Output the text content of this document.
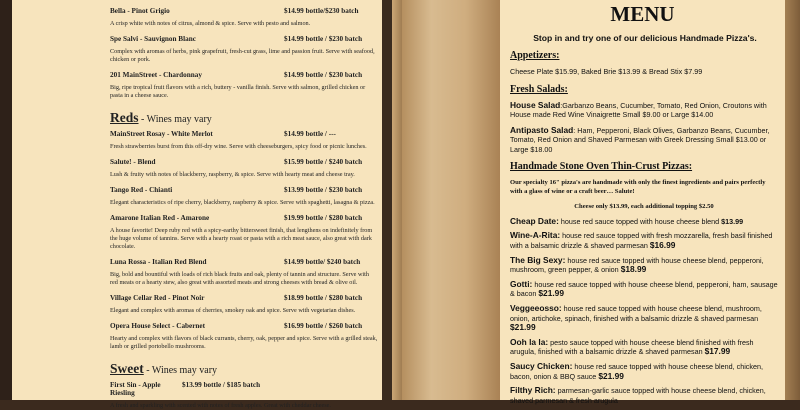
Bella - Pinot Grigio	$14.99 bottle/$230 batch
A crisp white with notes of citrus, almond & spice. Serve with pesto and salmon.
Spe Salvi - Sauvignon Blanc	$14.99 bottle / $230 batch
Complex with aromas of herbs, pink grapefruit, fresh-cut grass, lime and passion fruit. Serve with seafood, chicken or pork.
201 MainStreet - Chardonnay	$14.99 bottle / $230 batch
Big, ripe tropical fruit flavors with a rich, buttery - vanilla finish. Serve with salmon, grilled chicken or pasta in a cheese sauce.
Reds - Wines may vary
MainStreet Rosay - White Merlot	$14.99 bottle / ---
Fresh strawberries burst from this off-dry wine. Serve with cheeseburgers, spicy food or picnic lunches.
Salute! - Blend	$15.99 bottle / $240 batch
Lush & fruity with notes of blackberry, raspberry, & spice. Serve with hearty meat and cheese tray.
Tango Red - Chianti	$13.99 bottle / $230 batch
Elegant characteristics of ripe cherry, blackberry, raspberry & spice. Serve with spaghetti, lasagna & pizza.
Amarone Italian Red - Amarone	$19.99 bottle / $280 batch
A house favorite! Deep ruby red with a spicy-earthy bittersweet finish, that lengthens on indefinitely from the huge volume of tannins. Serve with a hearty roast or pasta with a rich meat sauce, also great with dark chocolate.
Luna Rossa - Italian Red Blend	$14.99 bottle/ $240 batch
Big, bold and bountiful with loads of rich black fruits and oak, plenty of tannin and structure. Serve with red meats or a hearty stew, also great with assorted meats and strong cheeses with bread & olive oil.
Village Cellar Red - Pinot Noir	$18.99 bottle / $280 batch
Elegant and complex with aromas of cherries, smokey oak and spice. Serve with vegetarian dishes.
Opera House Select - Cabernet	$16.99 bottle / $260 batch
Hearty and complex with flavors of black currants, cherry, oak, pepper and spice. Serve with a grilled steak, lamb or grilled portobello mushrooms.
Sweet - Wines may vary
First Sin - Apple Riesling
$13.99 bottle / $185 batch
A fresh and sparkling with scented with notes of fresh apples. Great with cheddar cheese.
MENU
Stop in and try one of our delicious Handmade Pizza's.
Appetizers:
Cheese Plate $15.99, Baked Brie $13.99 & Bread Stix $7.99
Fresh Salads:
House Salad:Garbanzo Beans, Cucumber, Tomato, Red Onion, Croutons with House made Red Wine Vinaigrette Small $9.00 or Large $14.00
Antipasto Salad: Ham, Pepperoni, Black Olives, Garbanzo Beans, Cucumber, Tomato, Red Onion and Shaved Parmesan with Greek Dressing Small $13.00 or Large $18.00
Handmade Stone Oven Thin-Crust Pizzas:
Our specialty 16" pizza's are handmade with only the finest ingredients and pairs perfectly with a glass of wine or a craft beer… Salute!
Cheese only $13.99, each additional topping $2.50
Cheap Date: house red sauce topped with house cheese blend $13.99
Wine-A-Rita: house red sauce topped with fresh mozzarella, fresh basil finished with a balsamic drizzle & shaved parmesan $16.99
The Big Sexy: house red sauce topped with house cheese blend, pepperoni, mushroom, green pepper, & onion $18.99
Gotti: house red sauce topped with house cheese blend, pepperoni, ham, sausage & bacon $21.99
Veggeeosso: house red sauce topped with house cheese blend, mushroom, onion, artichoke, spinach, finished with a balsamic drizzle & shaved parmesan $21.99
Ooh la la: pesto sauce topped with house cheese blend finished with fresh arugula, finished with a balsamic drizzle & shaved parmesan $17.99
Saucy Chicken: house red sauce topped with house cheese blend, chicken, bacon, onion & BBQ sauce $21.99
Filthy Rich: parmesan-garlic sauce topped with house cheese blend, chicken, shaved parmesan & fresh arugula
